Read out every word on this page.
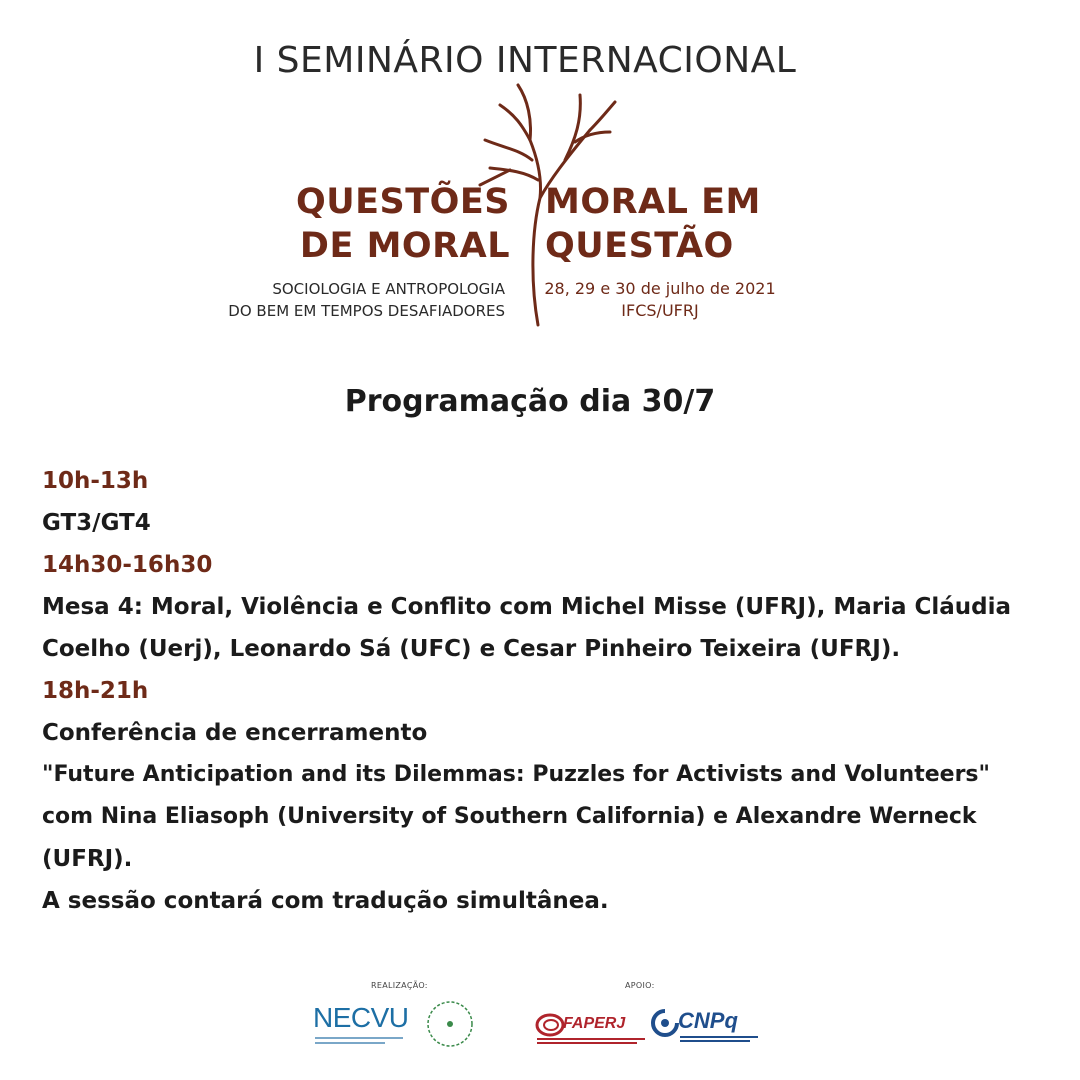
I SEMINÁRIO INTERNACIONAL
QUESTÕES
DE MORAL
MORAL EM
QUESTÃO
SOCIOLOGIA E ANTROPOLOGIA
DO BEM EM TEMPOS DESAFIADORES
28, 29 e 30 de julho de 2021
IFCS/UFRJ
Programação dia 30/7
10h-13h
GT3/GT4
14h30-16h30
Mesa 4: Moral, Violência e Conflito com Michel Misse (UFRJ), Maria Cláudia
Coelho (Uerj), Leonardo Sá (UFC) e Cesar Pinheiro Teixeira (UFRJ).
18h-21h
Conferência de encerramento
"Future Anticipation and its Dilemmas: Puzzles for Activists and Volunteers"
com Nina Eliasoph (University of Southern California) e Alexandre Werneck
(UFRJ).
A sessão contará com tradução simultânea.
REALIZAÇÃO:	APOIO:
NECVU	FAPERJ CNPq
